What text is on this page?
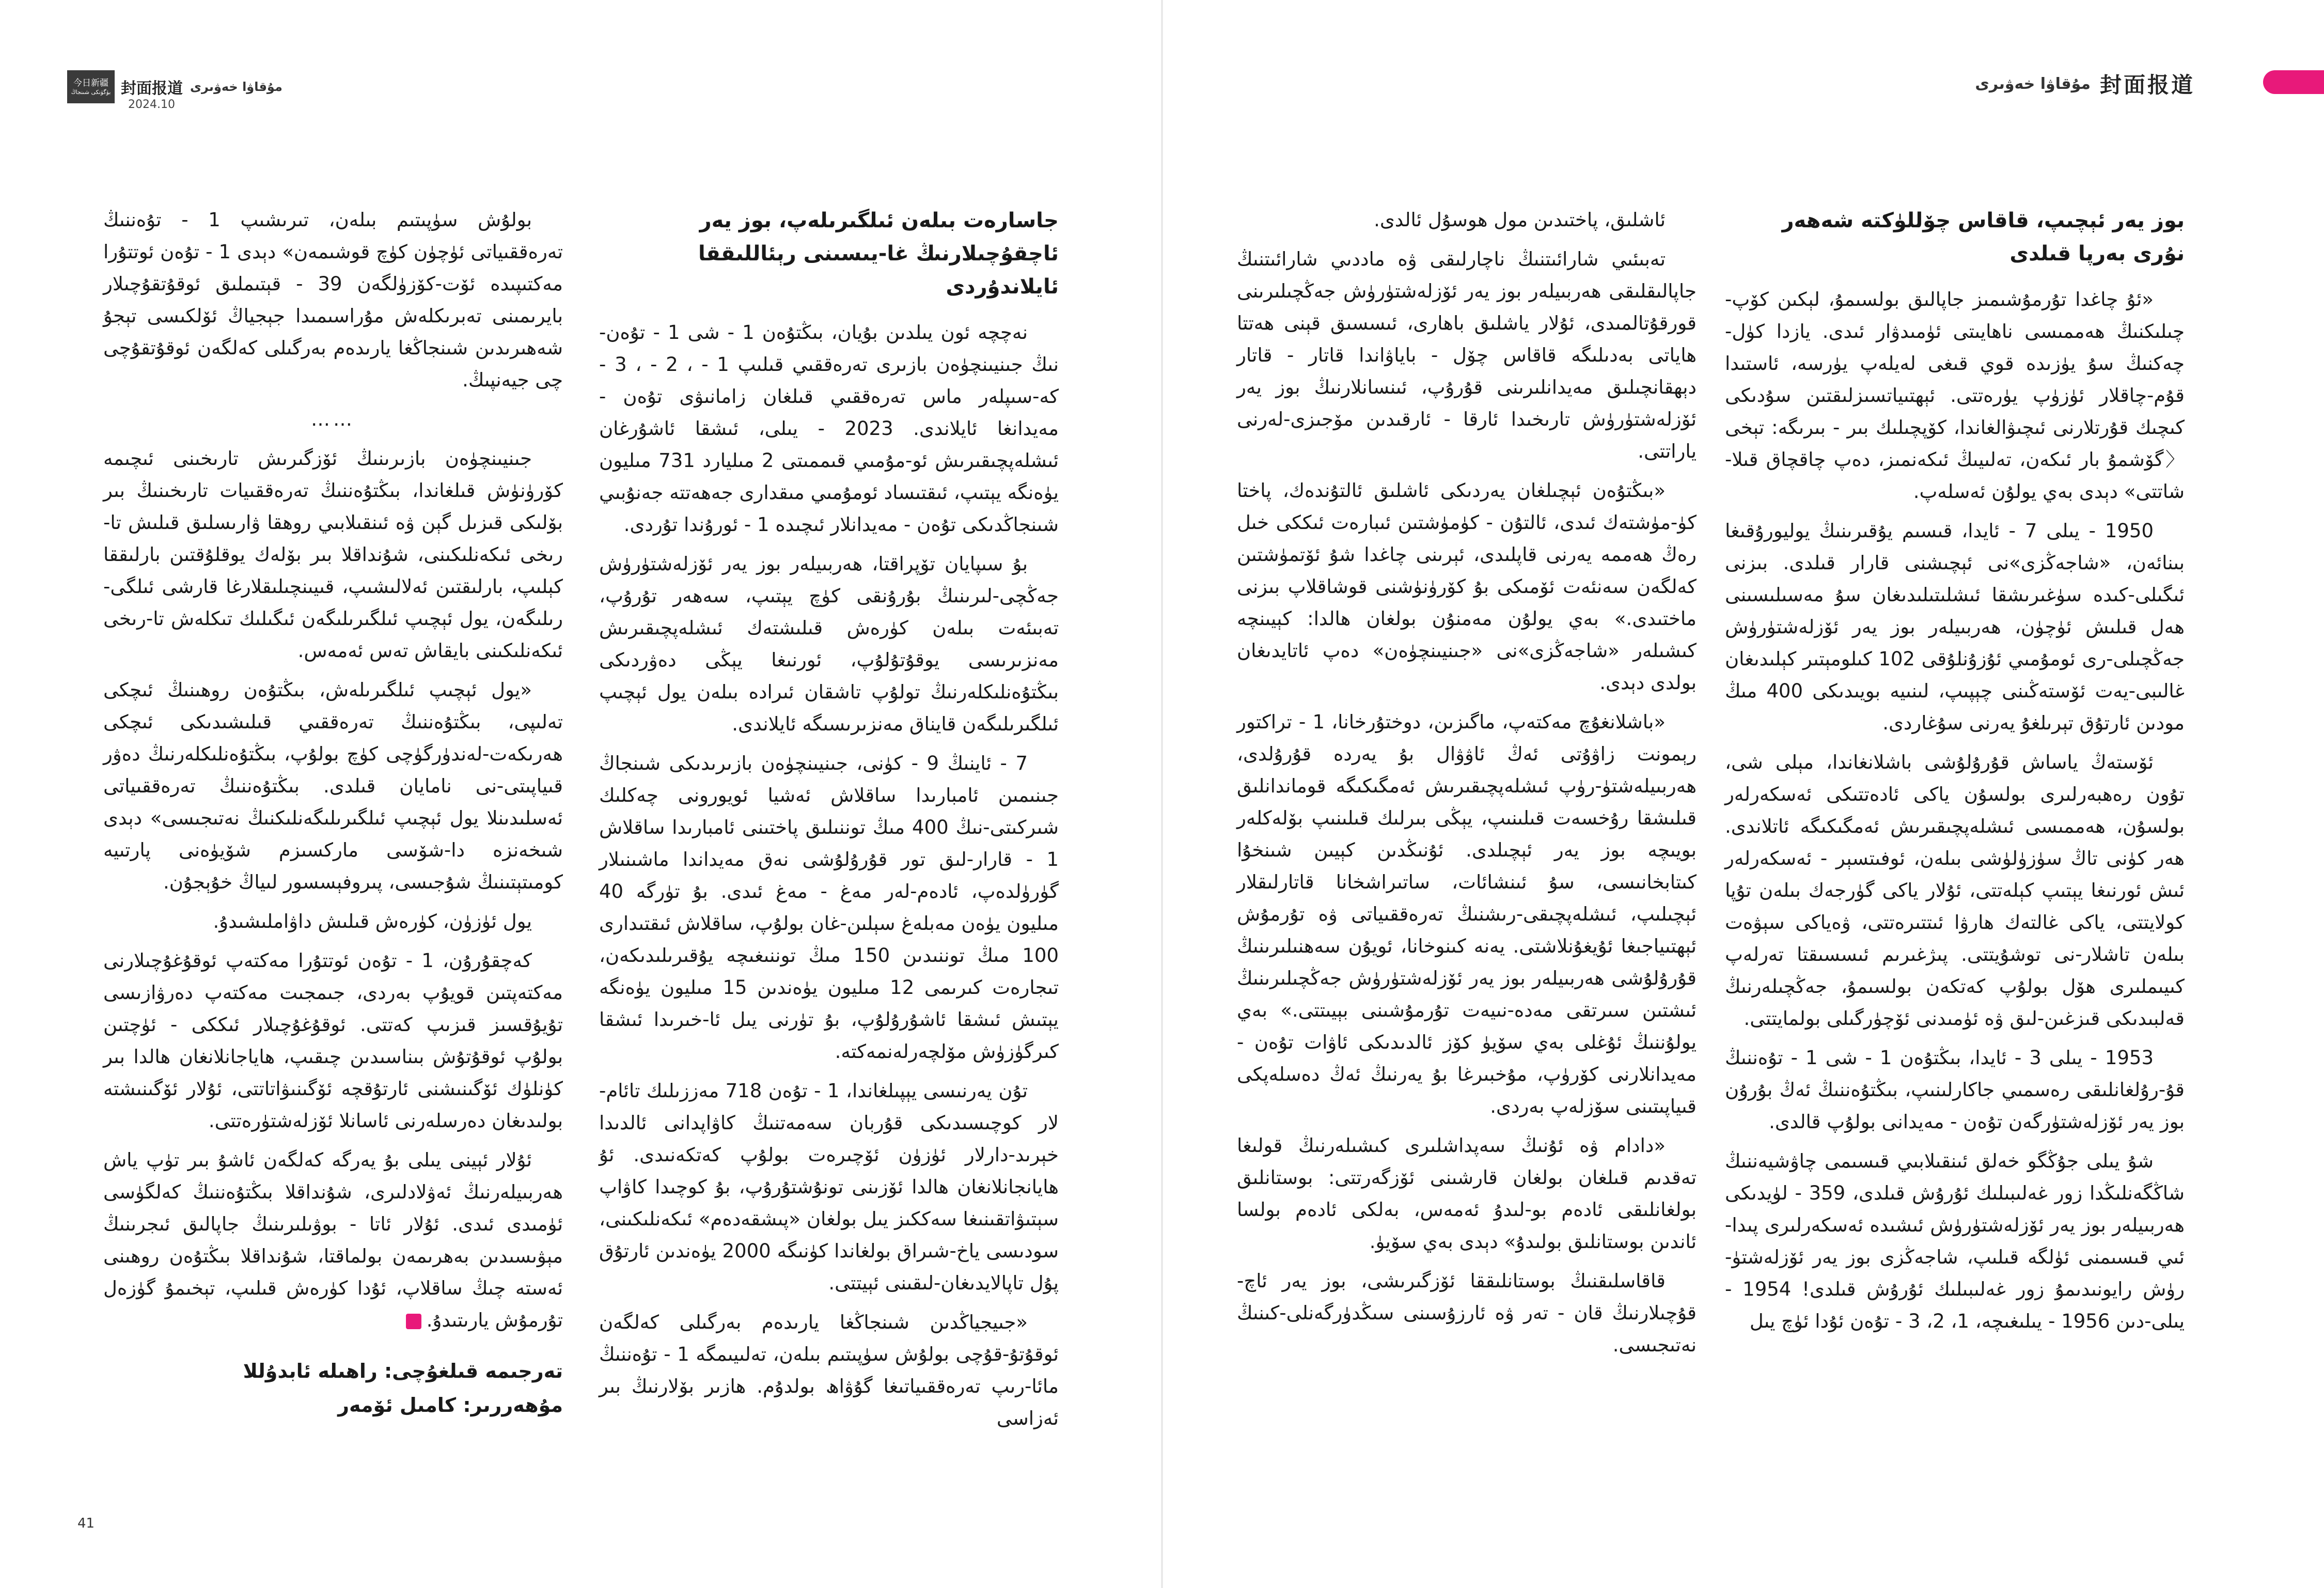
今日新疆
بۈگۈنكى شىنجاڭ 封面报道 مۇقاۋا خەۋىرى
2024.10
41
مۇقاۋا خەۋىرى 封面报道
بوز يەر ئېچىپ، قاقاس چۆللۈكتە شەھەر نۇرى بەرپا قىلدى

«ئۇ چاغدا تۇرمۇشىمىز جاپالىق بولسىمۇ، لېكىن كۆپ-چىلىكنىڭ ھەممىسى ناھايىتى ئۈمىدۋار ئىدى. يازدا كۈل-چەكنىڭ سۇ يۈزىدە قوي قىغى لەيلەپ يۈرسە، ئاستىدا قۇم-چاقلار ئۈزۈپ يۈرەتتى. ئېھتىياتسىزلىقتىن سۇدىكى كىچىك قۇرتلارنى ئىچىۋالغاندا، كۆپچىلىك بىر - بىرىگە: تېخى 〈گۆشمۇ بار ئىكەن، تەلىيىڭ ئىكەنمىز، دەپ چاقچاق قىلا-شاتتى» دېدى بەي يولۇن ئەسلەپ.

1950 - يىلى 7 - ئايدا، قىسىم يۇقىرىنىڭ يوليورۇقىغا بىنائەن، «شاجەڭزى»نى ئېچىشنى قارار قىلدى. بىزنى ئىگىلى-كىدە سۈغىرىشقا ئىشلىتىلىدىغان سۇ مەسىلىسىنى ھەل قىلىش ئۈچۈن، ھەربىيلەر بوز يەر ئۆزلەشتۈرۈش جەڭچىلى-رى ئومۇمىي ئۇزۇنلۇقى 102 كىلومېتىر كېلىدىغان غالىبى-يەت ئۆستەڭىنى چېپىپ، لىنىيە بويىدىكى 400 مىڭ مودىن ئارتۇق تېرىلغۇ يەرنى سۇغاردى.

ئۆستەڭ ياساش قۇرۇلۇشى باشلانغاندا، مېلى شى، تۇون رەھبەرلىرى بولسۇن ياكى ئادەتتىكى ئەسكەرلەر بولسۇن، ھەممىسى ئىشلەپچىقىرىش ئەمگىكىگە ئاتلاندى. ھەر كۈنى تاڭ سۈزۈلۈشى بىلەن، ئوفىتسېر - ئەسكەرلەر ئىش ئورنىغا يېتىپ كېلەتتى، ئۇلار ياكى گۈرجەك بىلەن تۇپا كولايتتى، ياكى غالتەك ھارۋا ئىتتىرەتتى، ۋەياكى سېۋەت بىلەن تاشلار-نى توشۇيتتى. پىژغىرىم ئىسسىقتا تەرلەپ كىيىملىرى ھۆل بولۇپ كەتكەن بولسىمۇ، جەڭچىلەرنىڭ قەلبىدىكى قىزغىن-لىق ۋە ئۈمىدنى ئۆچۈرگىلى بولمايتتى.

1953 - يىلى 3 - ئايدا، بىڭتۇەن 1 - شى 1 - تۇەننىڭ قۇ-رۇلغانلىقى رەسمىي جاكارلىنىپ، بىڭتۇەننىڭ ئەڭ بۇرۇن بوز يەر ئۆزلەشتۈرگەن تۇەن - مەيدانى بولۇپ قالدى.

شۇ يىلى جۇڭگو خەلق ئىنقىلابىي قىسىمى چاۋشيەننىڭ شاڭگەنلىڭدا زور غەلىبىلىك ئۇرۇش قىلدى، 359 - لۈيدىكى ھەربىيلەر بوز يەر ئۆزلەشتۈرۈش ئىشىدە ئەسكەرلىرى پىدا-ئىي قىسىمنى ئۈلگە قىلىپ، شاجەڭزى بوز يەر ئۆزلەشتۈ-رۈش رايونىدىمۇ زور غەلىبىلىك ئۇرۇش قىلدى! 1954 - يىلى-دىن 1956 - يىلىغىچە، 1، 2، 3 - تۇەن ئۇدا ئۈچ يىل

ئاشلىق، پاختىدىن مول ھوسۇل ئالدى.

تەبىئىي شارائىتنىڭ ناچارلىقى ۋە ماددىي شارائىتنىڭ جاپالىقلىقى ھەربىيلەر بوز يەر ئۆزلەشتۈرۈش جەڭچىلىرىنى قورقۇتالمىدى، ئۇلار ياشلىق باھارى، ئىسسىق قېنى ھەتتا ھاياتى بەدىلىگە قاقاس چۆل - باياۋاندا قاتار - قاتار دېھقانچىلىق مەيدانلىرىنى قۇرۇپ، ئىنسانلارنىڭ بوز يەر ئۆزلەشتۈرۈش تارىخىدا ئارقا - ئارقىدىن مۆجىزى-لەرنى ياراتتى.

«بىڭتۇەن ئېچىلغان يەردىكى ئاشلىق ئالتۇندەك، پاختا كۈ-مۈشتەك ئىدى، ئالتۇن - كۈمۈشتىن ئىبارەت ئىككى خىل رەڭ ھەممە يەرنى قاپلىدى، ئېرىنى چاغدا شۇ ئۆتمۈشتىن كەلگەن سەنئەت ئۆمىكى بۇ كۆرۈنۈشنى قوشاقلاپ بىزنى ماختىدى.» بەي يولۇن مەمنۇن بولغان ھالدا: كېيىنچە كىشىلەر «شاجەڭزى»نى «جىنيىنچۈەن» دەپ ئاتايدىغان بولدى دېدى.

«باشلانغۇچ مەكتەپ، ماگىزىن، دوختۇرخانا، 1 - تراكتور رېمونت زاۋۇتى ئەڭ ئاۋۋال بۇ يەردە قۇرۇلدى، ھەربىيلەشتۈ-رۈپ ئىشلەپچىقىرىش ئەمگىكىگە قوماندانلىق قىلىشقا رۇخسەت قىلىنىپ، يېڭى بىرلىك قىلىنىپ بۆلەكلەر بويىچە بوز يەر ئېچىلدى. ئۇنىڭدىن كېيىن شىنخۇا كىتابخانىسى، سۇ ئىنشائات، ساتىراشخانا قاتارلىقلار ئېچىلىپ، ئىشلەپچىقى-رىشنىڭ تەرەققىياتى ۋە تۇرمۇش ئېھتىياجىغا ئۇيغۇنلاشتى. يەنە كىنوخانا، ئويۇن سەھنىلىرىنىڭ قۇرۇلۇشى ھەربىيلەر بوز يەر ئۆزلەشتۈرۈش جەڭچىلىرىنىڭ ئىشتىن سىرتقى مەدە-نىيەت تۇرمۇشىنى بېيىتتى.» بەي يولۇننىڭ ئۇغلى بەي سۆيۈ كۆز ئالدىدىكى ئاۋات تۇەن - مەيدانلارنى كۆرۈپ، مۇخبىرغا بۇ يەرنىڭ ئەڭ دەسلەپكى قىياپىتىنى سۆزلەپ بەردى.

«دادام ۋە ئۇنىڭ سەپداشلىرى كىشىلەرنىڭ قولىغا تەقدىم قىلغان بولغان قارشىنى ئۆزگەرتتى: بوستانلىق بولغانلىقى ئادەم بو-لىدۇ ئەمەس، بەلكى ئادەم بولسا ئاندىن بوستانلىق بولىدۇ» دېدى بەي سۆيۈ.

قاقاسلىقنىڭ بوستانلىققا ئۆزگىرىشى، بوز يەر ئاچ-قۇچىلارنىڭ قان - تەر ۋە ئارزۇسىنى سىڭدۈرگەنلى-كىنىڭ نەتىجىسى.

جاسارەت بىلەن ئىلگىرىلەپ، بوز يەر ئاچقۇچىلارنىڭ غا-يىسىنى رېئاللىققا ئايلاندۇردى

نەچچە ئون يىلدىن بۇيان، بىڭتۇەن 1 - شى 1 - تۇەن-نىڭ جىنيىنچۈەن بازىرى تەرەققىي قىلىپ 1 - ، 2 - ، 3 - كە-سىپلەر ماس تەرەققىي قىلغان زامانىۋى تۇەن - مەيدانغا ئايلاندى. 2023 - يىلى، ئىشقا ئاشۇرغان ئىشلەپچىقىرىش ئو-مۇمىي قىممىتى 2 مىليارد 731 مىليون يۈەنگە يېتىپ، ئىقتىساد ئومۇمىي مىقدارى جەھەتتە جەنۇبىي شىنجاڭدىكى تۇەن - مەيدانلار ئىچىدە 1 - ئورۇندا تۇردى.

بۇ سىپايان تۆپراقتا، ھەربىيلەر بوز يەر ئۆزلەشتۈرۈش جەڭچى-لىرىنىڭ بۇرۇنقى كۈچ يېتىپ، سەھەر تۇرۇپ، تەبىئەت بىلەن كۈرەش قىلىشتەك ئىشلەپچىقىرىش مەنزىرىسى يوقۇتۇلۇپ، ئورنىغا يېڭى دەۋردىكى بىڭتۇەنلىكلەرنىڭ تولۇپ تاشقان ئىرادە بىلەن يول ئېچىپ ئىلگىرىلىگەن قايناق مەنزىرىسىگە ئايلاندى.

7 - ئاينىڭ 9 - كۈنى، جىنيىنچۈەن بازىرىدىكى شىنجاڭ جىنىمىن ئامبارىدا ساقلاش ئەشيا ئويورونى چەكلىك شىركىتى-نىڭ 400 مىڭ توننىلىق پاختىنى ئامبارىدا ساقلاش 1 - قارار-لىق تور قۇرۇلۇشى نەق مەيداندا ماشىنىلار گۈرۈلدەپ، ئادەم-لەر مەغ - مەغ ئىدى. بۇ تۈرگە 40 مىليون يۈەن مەبلەغ سېلىن-غان بولۇپ، ساقلاش ئىقتىدارى 100 مىڭ توننىدىن 150 مىڭ توننىغىچە يۇقىرىلىدىكەن، تىجارەت كىرىمى 12 مىليون يۈەندىن 15 مىليون يۈەنگە يېتىش ئىشقا ئاشۇرۇلۇپ، بۇ تۈرنى يىل ئا-خىرىدا ئىشقا كىرگۈزۈش مۆلچەرلەنمەكتە.

تۇن يەرنىسى يېپىلغاندا، 1 - تۇەن 718 مەززىلىك تائام-لار كوچىسىدىكى قۇربان سەمەتنىڭ كاۋاپدانى ئالدىدا خېرىد-دارلار ئۈزۈن ئۆچىرەت بولۇپ كەتكەنىدى. ئۇ ھايانجانلانغان ھالدا ئۆزىنى تونۇشتۇرۇپ، بۇ كوچىدا كاۋاپ سېتىۋاتقىنىغا سەككىز يىل بولغان «پىشقەدەم» ئىكەنلىكىنى، سودىسى ياخ-شىراق بولغاندا كۈنىگە 2000 يۈەندىن ئارتۇق پۇل تاپالايدىغان-لىقىنى ئېيتتى.

«جىيجياڭدىن شىنجاڭغا يارىدەم بەرگىلى كەلگەن ئوقۇتۇ-قۇچى بولۇش سۈپىتىم بىلەن، تەلىيىمگە 1 - تۇەننىڭ مائا-رىپ تەرەققىياتىغا گۇۋاھ بولدۇم. ھازىر بۆلارنىڭ بىر ئەزاسى

بولۇش سۈپىتىم بىلەن، تىرىشىپ 1 - تۇەننىڭ تەرەققىياتى ئۈچۈن كۈچ قوشىمەن» دېدى 1 - تۇەن ئوتتۇرا مەكتىپىدە ئۆت-كۆزۈلگەن 39 - قېتىملىق ئوقۇتقۇچىلار بايرىمىنى تەبرىكلەش مۇراسىمىدا جېجياڭ ئۆلكىسى تېجۇ شەھىرىدىن شىنجاڭغا يارىدەم بەرگىلى كەلگەن ئوقۇتقۇچى چى جيەنپىڭ.

……

جىنيىنچۈەن بازىرىنىڭ ئۆزگىرىش تارىخىنى ئىچىمە كۆرۈنۈش قىلغاندا، بىڭتۇەننىڭ تەرەققىيات تارىخىنىڭ بىر بۆلىكى قىزىل گېن ۋە ئىنقىلابىي روھقا ۋارىسلىق قىلىش تا-رىخى ئىكەنلىكىنى، شۇنداقلا بىر بۆلەك يوقلۇقتىن بارلىققا كېلىپ، بارلىقتىن ئەلالىشىپ، قىيىنچىلىقلارغا قارشى ئىلگى-رىلىگەن، يول ئېچىپ ئىلگىرىلىگەن ئىگىلىك تىكلەش تا-رىخى ئىكەنلىكىنى بايقاش تەس ئەمەس.

«يول ئېچىپ ئىلگىرىلەش، بىڭتۇەن روھىنىڭ ئىچكى تەلىپى، بىڭتۇەننىڭ تەرەققىي قىلىشىدىكى ئىچكى ھەرىكەت-لەندۈرگۈچى كۈچ بولۇپ، بىڭتۇەنلىكلەرنىڭ دەۋر قىياپىتى-نى نامايان قىلدى. بىڭتۇەننىڭ تەرەققىياتى ئەسلىدىنلا يول ئېچىپ ئىلگىرىلىگەنلىكنىڭ نەتىجىسى» دېدى شىخەنزە دا-شۆسى ماركسىزم شۆيۈەنى پارتىيە كومىتېتىنىڭ شۇجىسى، پىروفېسسور لىياڭ خۇېجۇن.

يول ئۈزۈن، كۈرەش قىلىش داۋاملىشىدۇ.

كەچقۇرۇن، 1 - تۇەن ئوتتۇرا مەكتەپ ئوقۇغۇچىلارنى مەكتەپتىن قويۇپ بەردى، جىمجىت مەكتەپ دەرۋازىسى تۇيۇقسىز قىزىپ كەتتى. ئوقۇغۇچىلار ئىككى - ئۈچتىن بولۇپ ئوقۇتۇش بىناسىدىن چىقىپ، ھاياجانلانغان ھالدا بىر كۈنلۈك ئۆگىنىشنى ئارتۇقچە ئۆگىنىۋاتاتتى، ئۇلار ئۆگىنىشتە بولىدىغان دەرسلەرنى ئاسانلا ئۆزلەشتۈرەتتى.

ئۇلار ئېينى يىلى بۇ يەرگە كەلگەن ئاشۇ بىر تۈپ ياش ھەربىيلەرنىڭ ئەۋلادلىرى، شۇنداقلا بىڭتۇەننىڭ كەلگۈسى ئۈمىدى ئىدى. ئۇلار ئاتا - بوۋىلىرىنىڭ جاپالىق ئىجرىنىڭ مېۋىسىدىن بەھرىمەن بولماقتا، شۇنداقلا بىڭتۇەن روھىنى ئەستە چىڭ ساقلاپ، ئۇدا كۈرەش قىلىپ، تېخىمۇ گۈزەل تۇرمۇش يارىتىدۇ.L

تەرجىمە قىلغۇچى: راھىلە ئابدۇللا
مۇھەررىر: كامىل ئۆمەر
